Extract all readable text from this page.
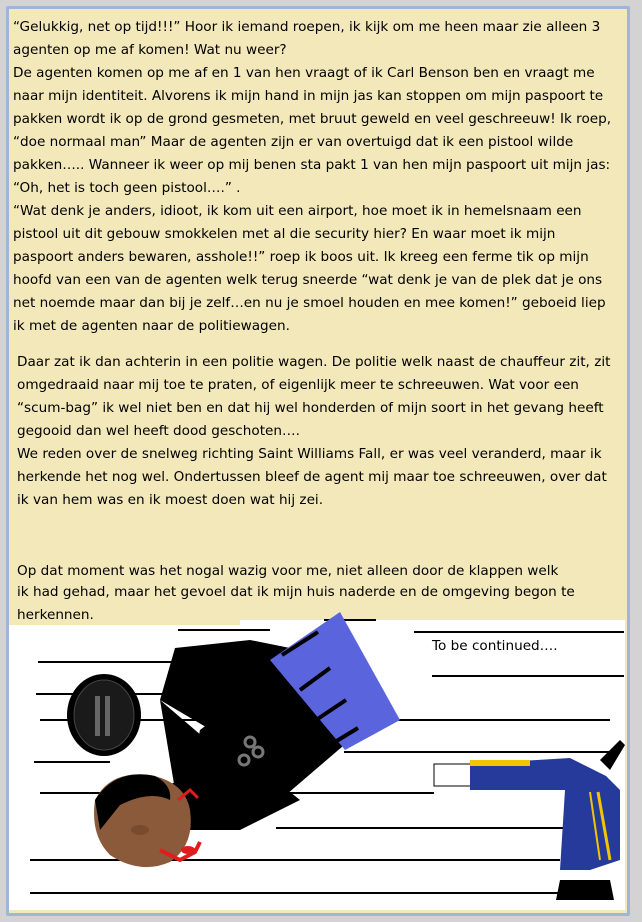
“Gelukkig, net op tijd!!!” Hoor ik iemand roepen, ik kijk om me heen maar zie alleen 3 agenten op me af komen! Wat nu weer?
De agenten komen op me af en 1 van hen vraagt of ik Carl Benson ben en vraagt me naar mijn identiteit. Alvorens ik mijn hand in mijn jas kan stoppen om mijn paspoort te pakken wordt ik op de grond gesmeten, met bruut geweld en veel geschreeuw! Ik roep, “doe normaal man” Maar de agenten zijn er van overtuigd dat ik een pistool wilde pakken….. Wanneer ik weer op mij benen sta pakt 1 van hen mijn paspoort uit mijn jas: “Oh, het is toch geen pistool….” .
“Wat denk je anders, idioot, ik kom uit een airport, hoe moet ik in hemelsnaam een pistool uit dit gebouw smokkelen met al die security hier? En waar moet ik mijn paspoort anders bewaren, asshole!!” roep ik boos uit. Ik kreeg een ferme tik op mijn hoofd van een van de agenten welk terug sneerde “wat denk je van de plek dat je ons net noemde maar dan bij je zelf…en nu je smoel houden en mee komen!” geboeid liep ik met de agenten naar de politiewagen.
Daar zat ik dan achterin in een politie wagen. De politie welk naast de chauffeur zit, zit omgedraaid naar mij toe te praten, of eigenlijk meer te schreeuwen. Wat voor een “scum-bag” ik wel niet ben en dat hij wel honderden of mijn soort in het gevang heeft gegooid dan wel heeft dood geschoten….
We reden over de snelweg richting Saint Williams Fall, er was veel veranderd, maar ik herkende het nog wel. Ondertussen bleef de agent mij maar toe schreeuwen, over dat ik van hem was en ik moest doen wat hij zei.
Op dat moment was het nogal wazig voor me, niet alleen door de klappen welk
ik had gehad, maar het gevoel dat ik mijn huis naderde en de omgeving begon te herkennen.
To be continued….
